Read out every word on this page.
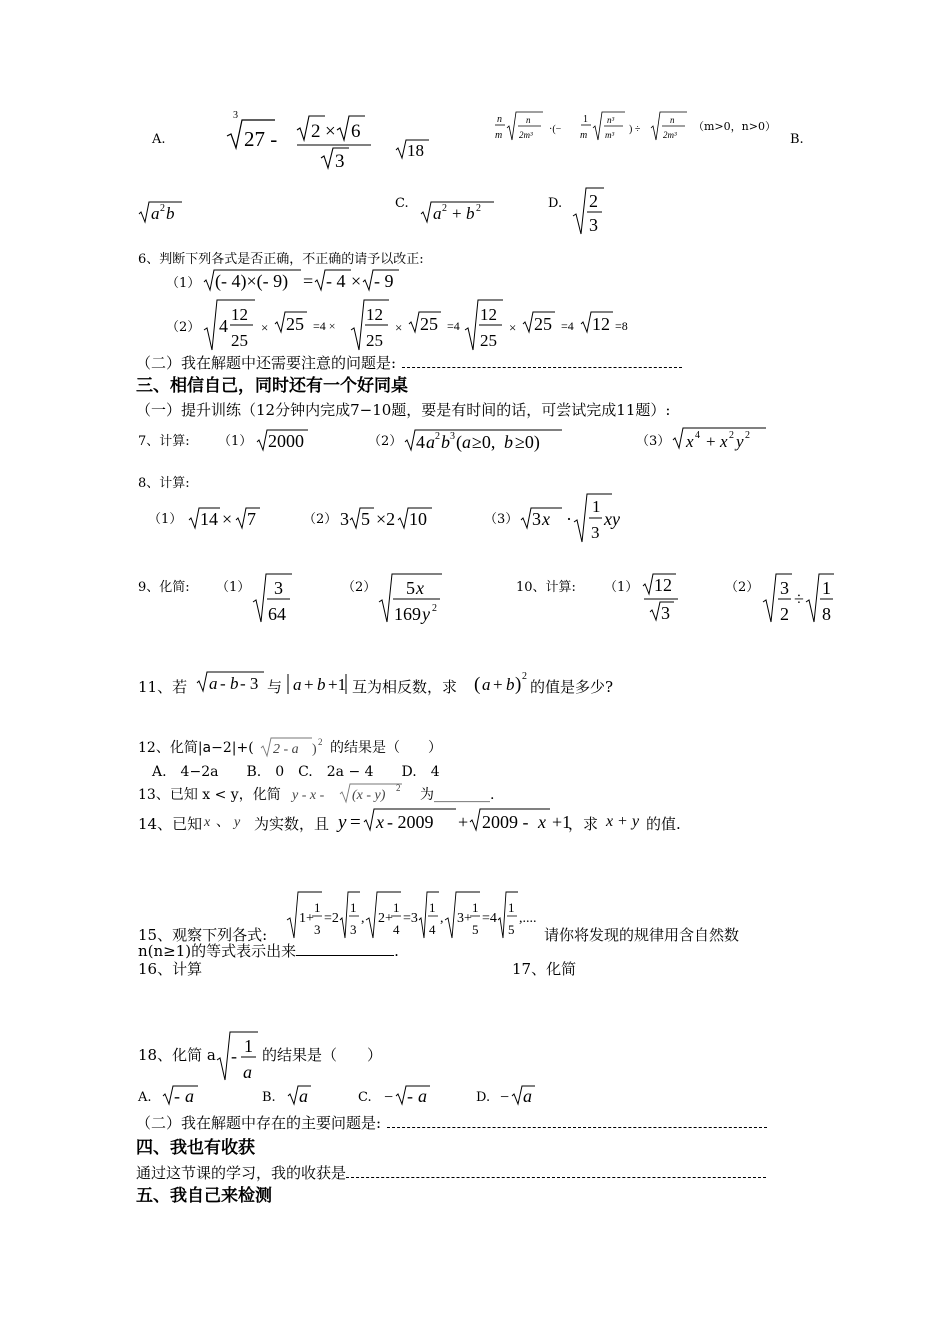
A.
3
27 - 2 × 6
3
18
n
m
n
2m³ ·(−
1
m
n³
m³ ) ÷
n
2m³
（m>0，n>0）
B.
a 2 b
C.
a 2 + b 2	D. 2
3
6、判断下列各式是否正确，不正确的请予以改正:
（1） (- 4)×(- 9) = - 4 × - 9
（2） 4
12
25
× 25 =4 ×
12
25
× 25 =4
12
25
× 25 =4 12 =8
（二）我在解题中还需要注意的问题是:
三、相信自己，同时还有一个好同桌
（一）提升训练（12分钟内完成7−10题，要是有时间的话，可尝试完成11题）:
7、计算: （1） 2000	（2） 4 a 2 b 3 ( a ≥0, b ≥0)	（3） x 4 + x 2 y 2
8、计算:
（1） 14 × 7	（2） 3 5 ×2 10	（3） 3 x ·
1
3
xy
9、化简: （1） 3
64
（2） 5 x
169 y 2
10、计算: （1） 12
3
（2） 3
2
÷
1
8
11、若 a - b - 3 与 a + b +1 互为相反数，求 ( a + b ) 2
的值是多少?
12、化简|a−2|+( 2 - a ) 2 的结果是（　　）
A.　4−2a　　B.　0　C.　2a − 4　　D.　4
13、已知 x < y，化简 y - x - (x - y) 2 为________.
14、已知 x 、 y 为实数，且 y = x - 2009 + 2009 - x +1
，求 x + y 的值.
15、观察下列各式:
1+
1
3
=2
1
3
, 2+
1
4
=3
1
4
, 3+
1
5
=4
1
5
,....
请你将发现的规律用含自然数
n(n≥1)的等式表示出来	.
16、计算	17、化简
18、化简 a - 1
a
的结果是（　　）
A. - a	B. a	C. − - a	D. − a
（二）我在解题中存在的主要问题是:
四、我也有收获
通过这节课的学习，我的收获是
五、我自己来检测
